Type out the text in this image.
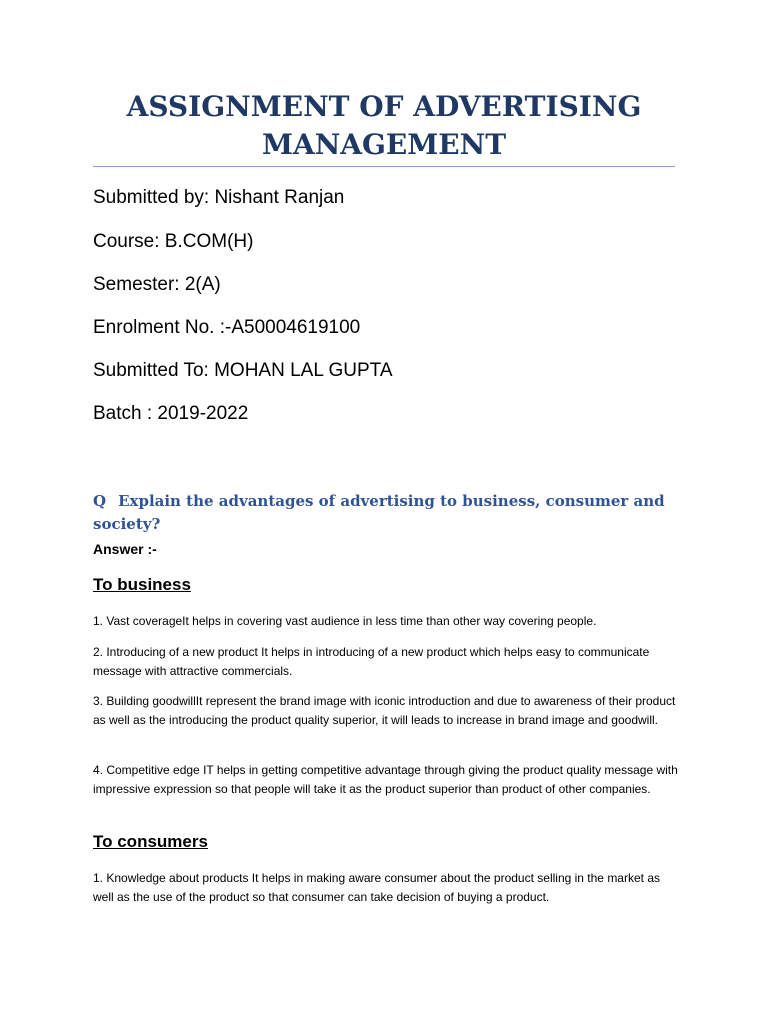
ASSIGNMENT OF ADVERTISING
MANAGEMENT
Submitted by: Nishant Ranjan
Course: B.COM(H)
Semester: 2(A)
Enrolment No. :-A50004619100
Submitted To: MOHAN LAL GUPTA
Batch : 2019-2022
Q Explain the advantages of advertising to business, consumer and society?
Answer :-
To business
1. Vast coverageIt helps in covering vast audience in less time than other way covering people.
2. Introducing of a new product It helps in introducing of a new product which helps easy to communicate message with attractive commercials.
3. Building goodwillIt represent the brand image with iconic introduction and due to awareness of their product as well as the introducing the product quality superior, it will leads to increase in brand image and goodwill.
4. Competitive edge IT helps in getting competitive advantage through giving the product quality message with impressive expression so that people will take it as the product superior than product of other companies.
To consumers
1. Knowledge about products It helps in making aware consumer about the product selling in the market as well as the use of the product so that consumer can take decision of buying a product.
